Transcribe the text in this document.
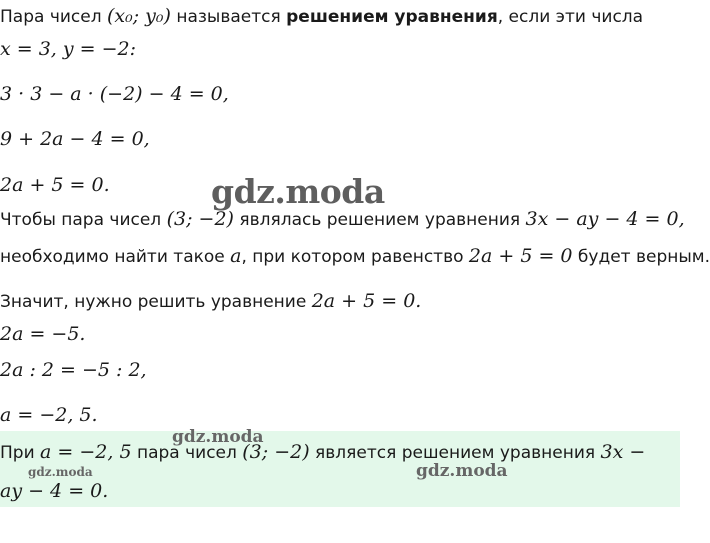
Пара чисел (x₀; y₀) называется решением уравнения, если эти числа
x = 3, y = −2:
3 · 3 − a · (−2) − 4 = 0,
9 + 2a − 4 = 0,
2a + 5 = 0.
Чтобы пара чисел (3; −2) являлась решением уравнения 3x − ay − 4 = 0,
необходимо найти такое a, при котором равенство 2a + 5 = 0 будет верным.
Значит, нужно решить уравнение 2a + 5 = 0.
2a = −5.
2a : 2 = −5 : 2,
a = −2, 5.
При a = −2, 5 пара чисел (3; −2) является решением уравнения 3x −
ay − 4 = 0.
gdz.moda
gdz.moda
gdz.moda
gdz.moda
